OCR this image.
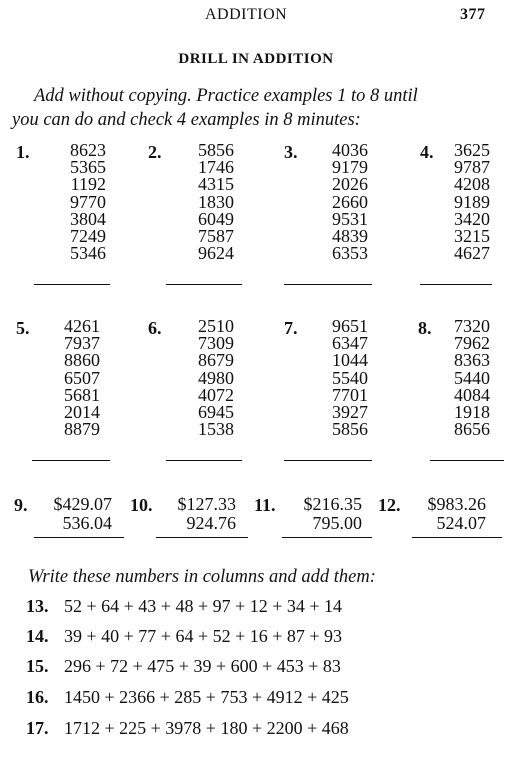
ADDITION	377
DRILL IN ADDITION
Add without copying. Practice examples 1 to 8 until
you can do and check 4 examples in 8 minutes:
1.	8623
5365
1192
9770
3804
7249
5346
2.	5856
1746
4315
1830
6049
7587
9624
3.	4036
9179
2026
2660
9531
4839
6353
4.	3625
9787
4208
9189
3420
3215
4627
5.	4261
7937
8860
6507
5681
2014
8879
6.	2510
7309
8679
4980
4072
6945
1538
7.	9651
6347
1044
5540
7701
3927
5856
8.	7320
7962
8363
5440
4084
1918
8656
9.	$429.07
536.04
10.	$127.33
924.76
11.	$216.35
795.00
12.	$983.26
524.07
Write these numbers in columns and add them:
13. 52 + 64 + 43 + 48 + 97 + 12 + 34 + 14
14. 39 + 40 + 77 + 64 + 52 + 16 + 87 + 93
15. 296 + 72 + 475 + 39 + 600 + 453 + 83
16. 1450 + 2366 + 285 + 753 + 4912 + 425
17. 1712 + 225 + 3978 + 180 + 2200 + 468
